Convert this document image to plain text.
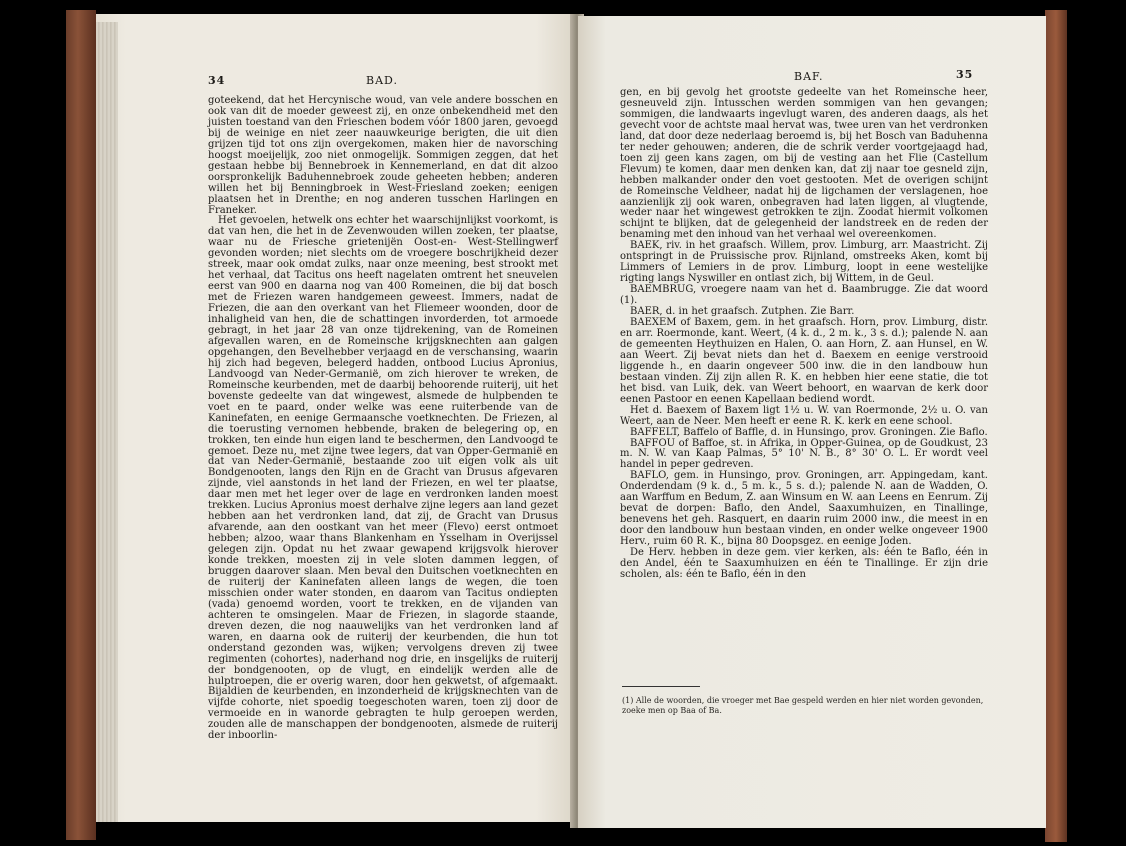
34	BAD.

goteekend, dat het Hercynische woud, van vele andere bosschen en ook van dit de moeder geweest zij, en onze onbekendheid met den juisten toestand van den Frieschen bodem vóór 1800 jaren, gevoegd bij de weinige en niet zeer naauwkeurige berigten, die uit dien grijzen tijd tot ons zijn overgekomen, maken hier de navorsching hoogst moeijelijk, zoo niet onmogelijk. Sommigen zeggen, dat het gestaan hebbe bij Bennebroek in Kennemerland, en dat dit alzoo oorspronkelijk Baduhennebroek zoude geheeten hebben; anderen willen het bij Benningbroek in West-Friesland zoeken; eenigen plaatsen het in Drenthe; en nog anderen tusschen Harlingen en Franeker.

Het gevoelen, hetwelk ons echter het waarschijnlijkst voorkomt, is dat van hen, die het in de Zevenwouden willen zoeken, ter plaatse, waar nu de Friesche grietenijën Oost-en- West-Stellingwerf gevonden worden; niet slechts om de vroegere boschrijkheid dezer streek, maar ook omdat zulks, naar onze meening, best strookt met het verhaal, dat Tacitus ons heeft nagelaten omtrent het sneuvelen eerst van 900 en daarna nog van 400 Romeinen, die bij dat bosch met de Friezen waren handgemeen geweest. Immers, nadat de Friezen, die aan den overkant van het Fliemeer woonden, door de inhaligheid van hen, die de schattingen invorderden, tot armoede gebragt, in het jaar 28 van onze tijdrekening, van de Romeinen afgevallen waren, en de Romeinsche krijgsknechten aan galgen opgehangen, den Bevelhebber verjaagd en de verschansing, waarin hij zich had begeven, belegerd hadden, ontbood Lucius Apronius, Landvoogd van Neder-Germanië, om zich hierover te wreken, de Romeinsche keurbenden, met de daarbij behoorende ruiterij, uit het bovenste gedeelte van dat wingewest, alsmede de hulpbenden te voet en te paard, onder welke was eene ruiterbende van de Kaninefaten, en eenige Germaansche voetknechten. De Friezen, al die toerusting vernomen hebbende, braken de belegering op, en trokken, ten einde hun eigen land te beschermen, den Landvoogd te gemoet. Deze nu, met zijne twee legers, dat van Opper-Germanië en dat van Neder-Germanië, bestaande zoo uit eigen volk als uit Bondgenooten, langs den Rijn en de Gracht van Drusus afgevaren zijnde, viel aanstonds in het land der Friezen, en wel ter plaatse, daar men met het leger over de lage en verdronken landen moest trekken. Lucius Apronius moest derhalve zijne legers aan land gezet hebben aan het verdronken land, dat zij, de Gracht van Drusus afvarende, aan den oostkant van het meer (Flevo) eerst ontmoet hebben; alzoo, waar thans Blankenham en Ysselham in Overijssel gelegen zijn. Opdat nu het zwaar gewapend krijgsvolk hierover konde trekken, moesten zij in vele sloten dammen leggen, of bruggen daarover slaan. Men beval den Duitschen voetknechten en de ruiterij der Kaninefaten alleen langs de wegen, die toen misschien onder water stonden, en daarom van Tacitus ondiepten (vada) genoemd worden, voort te trekken, en de vijanden van achteren te omsingelen. Maar de Friezen, in slagorde staande, dreven dezen, die nog naauwelijks van het verdronken land af waren, en daarna ook de ruiterij der keurbenden, die hun tot onderstand gezonden was, wijken; vervolgens dreven zij twee regimenten (cohortes), naderhand nog drie, en insgelijks de ruiterij der bondgenooten, op de vlugt, en eindelijk werden alle de hulptroepen, die er overig waren, door hen gekwetst, of afgemaakt. Bijaldien de keurbenden, en inzonderheid de krijgsknechten van de vijfde cohorte, niet spoedig toegeschoten waren, toen zij door de vermoeide en in wanorde gebragten te hulp geroepen werden, zouden alle de manschappen der bondgenooten, alsmede de ruiterij der inboorlin-

BAF.	35

gen, en bij gevolg het grootste gedeelte van het Romeinsche heer, gesneuveld zijn. Intusschen werden sommigen van hen gevangen; sommigen, die landwaarts ingevlugt waren, des anderen daags, als het gevecht voor de achtste maal hervat was, twee uren van het verdronken land, dat door deze nederlaag beroemd is, bij het Bosch van Baduhenna ter neder gehouwen; anderen, die de schrik verder voortgejaagd had, toen zij geen kans zagen, om bij de vesting aan het Flie (Castellum Flevum) te komen, daar men denken kan, dat zij naar toe gesneld zijn, hebben malkander onder den voet gestooten. Met de overigen schijnt de Romeinsche Veldheer, nadat hij de ligchamen der verslagenen, hoe aanzienlijk zij ook waren, onbegraven had laten liggen, al vlugtende, weder naar het wingewest getrokken te zijn. Zoodat hiermit volkomen schijnt te blijken, dat de gelegenheid der landstreek en de reden der benaming met den inhoud van het verhaal wel overeenkomen.

BAEK, riv. in het graafsch. Willem, prov. Limburg, arr. Maastricht. Zij ontspringt in de Pruissische prov. Rijnland, omstreeks Aken, komt bij Limmers of Lemiers in de prov. Limburg, loopt in eene westelijke rigting langs Nyswiller en ontlast zich, bij Wittem, in de Geul.

BAEMBRUG, vroegere naam van het d. Baambrugge. Zie dat woord (1).

BAER, d. in het graafsch. Zutphen. Zie Barr.

BAEXEM of Baxem, gem. in het graafsch. Horn, prov. Limburg, distr. en arr. Roermonde, kant. Weert, (4 k. d., 2 m. k., 3 s. d.); palende N. aan de gemeenten Heythuizen en Halen, O. aan Horn, Z. aan Hunsel, en W. aan Weert. Zij bevat niets dan het d. Baexem en eenige verstrooid liggende h., en daarin ongeveer 500 inw. die in den landbouw hun bestaan vinden. Zij zijn allen R. K. en hebben hier eene statie, die tot het bisd. van Luik, dek. van Weert behoort, en waarvan de kerk door eenen Pastoor en eenen Kapellaan bediend wordt.

Het d. Baexem of Baxem ligt 1½ u. W. van Roermonde, 2½ u. O. van Weert, aan de Neer. Men heeft er eene R. K. kerk en eene school.

BAFFELT, Baffelo of Baffle, d. in Hunsingo, prov. Groningen. Zie Baflo.

BAFFOU of Baffoe, st. in Afrika, in Opper-Guinea, op de Goudkust, 23 m. N. W. van Kaap Palmas, 5° 10' N. B., 8° 30' O. L. Er wordt veel handel in peper gedreven.

BAFLO, gem. in Hunsingo, prov. Groningen, arr. Appingedam, kant. Onderdendam (9 k. d., 5 m. k., 5 s. d.); palende N. aan de Wadden, O. aan Warffum en Bedum, Z. aan Winsum en W. aan Leens en Eenrum. Zij bevat de dorpen: Baflo, den Andel, Saaxumhuizen, en Tinallinge, benevens het geh. Rasquert, en daarin ruim 2000 inw., die meest in en door den landbouw hun bestaan vinden, en onder welke ongeveer 1900 Herv., ruim 60 R. K., bijna 80 Doopsgez. en eenige Joden.

De Herv. hebben in deze gem. vier kerken, als: één te Baflo, één in den Andel, één te Saaxumhuizen en één te Tinallinge. Er zijn drie scholen, als: één te Baflo, één in den

(1) Alle de woorden, die vroeger met Bae gespeld werden en hier niet worden gevonden, zoeke men op Baa of Ba.
